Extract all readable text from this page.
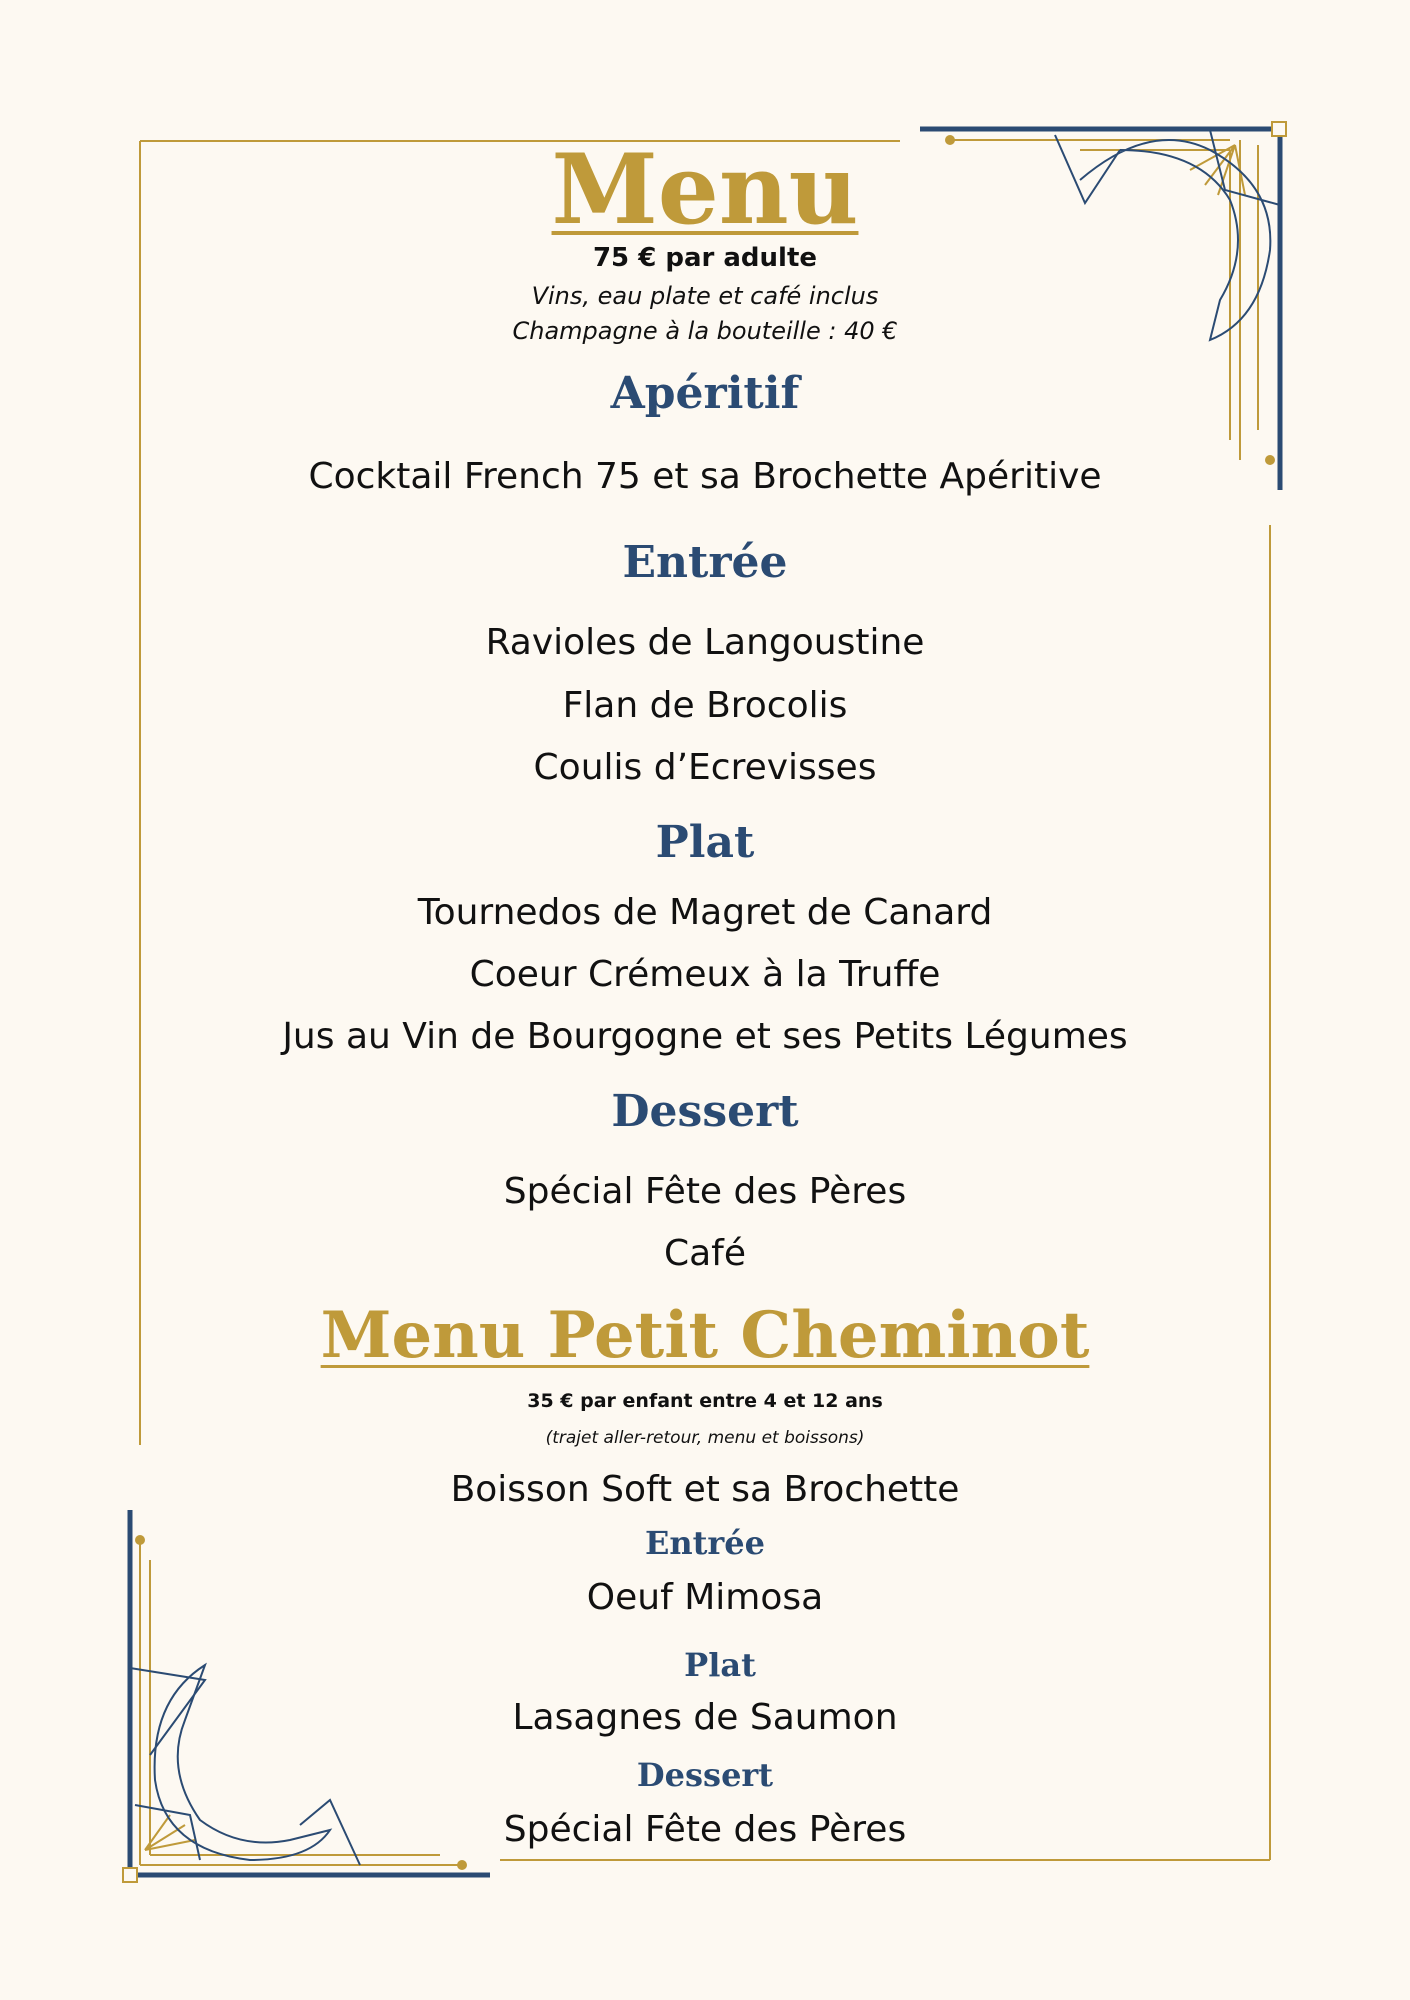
Menu
75 € par adulte
Vins, eau plate et café inclus
Champagne à la bouteille : 40 €
Apéritif
Cocktail French 75 et sa Brochette Apéritive
Entrée
Ravioles de Langoustine
Flan de Brocolis
Coulis d’Ecrevisses
Plat
Tournedos de Magret de Canard
Coeur Crémeux à la Truffe
Jus au Vin de Bourgogne et ses Petits Légumes
Dessert
Spécial Fête des Pères
Café
Menu Petit Cheminot
35 € par enfant entre 4 et 12 ans
(trajet aller-retour, menu et boissons)
Boisson Soft et sa Brochette
Entrée
Oeuf Mimosa
Plat
Lasagnes de Saumon
Dessert
Spécial Fête des Pères
